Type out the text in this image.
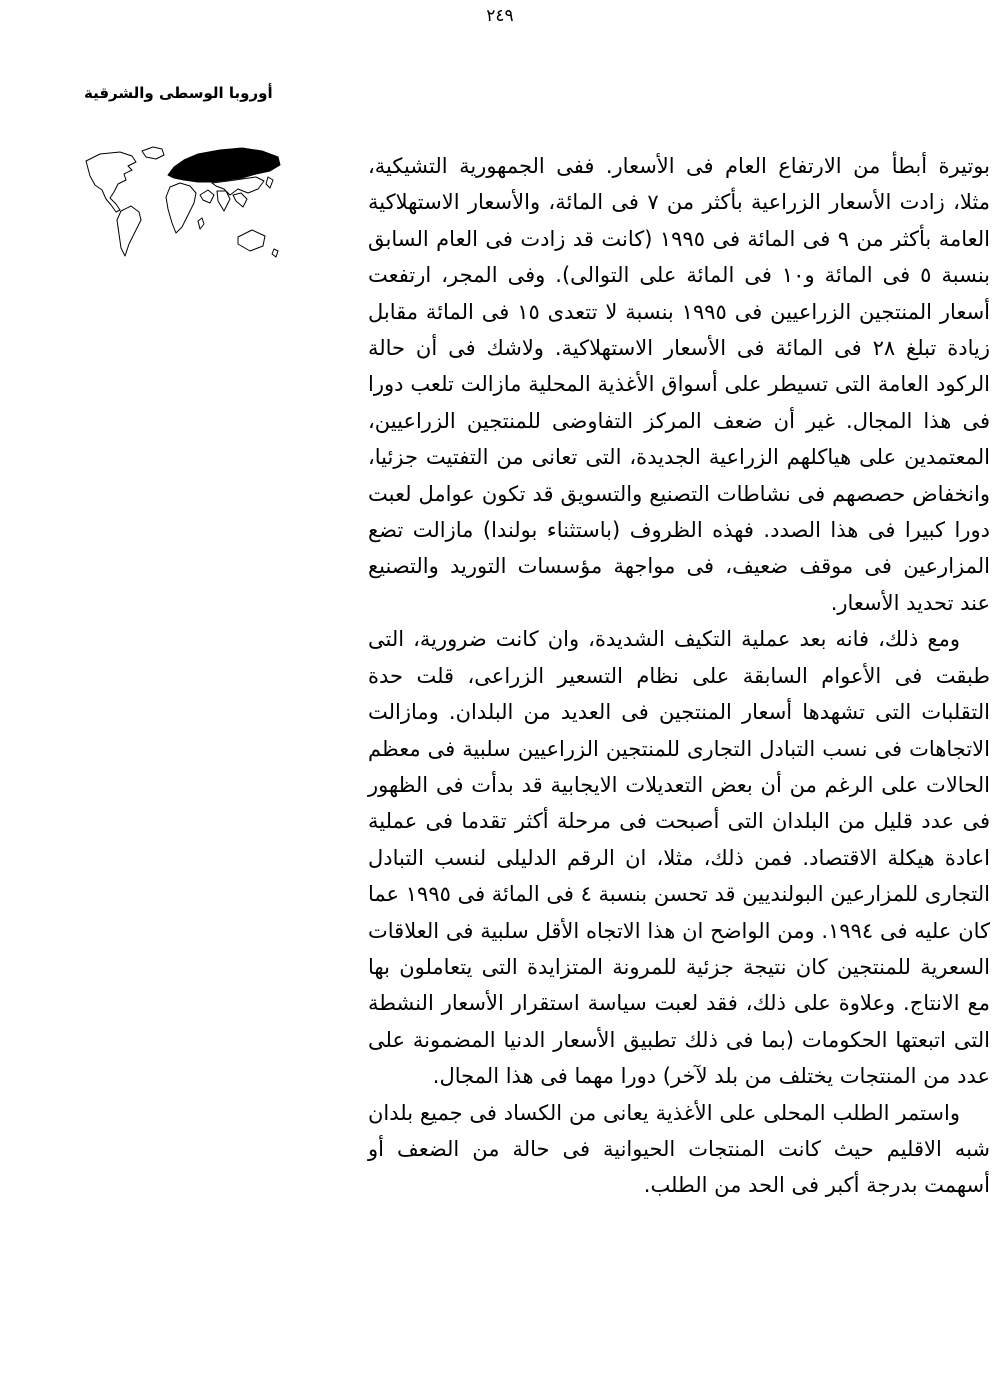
٢٤٩
أوروبا الوسطى والشرقية

بوتيرة أبطأ من الارتفاع العام فى الأسعار. ففى الجمهورية التشيكية، مثلا، زادت الأسعار الزراعية بأكثر من ٧ فى المائة، والأسعار الاستهلاكية العامة بأكثر من ٩ فى المائة فى ١٩٩٥ (كانت قد زادت فى العام السابق بنسبة ٥ فى المائة و١٠ فى المائة على التوالى). وفى المجر، ارتفعت أسعار المنتجين الزراعيين فى ١٩٩٥ بنسبة لا تتعدى ١٥ فى المائة مقابل زيادة تبلغ ٢٨ فى المائة فى الأسعار الاستهلاكية. ولاشك فى أن حالة الركود العامة التى تسيطر على أسواق الأغذية المحلية مازالت تلعب دورا فى هذا المجال. غير أن ضعف المركز التفاوضى للمنتجين الزراعيين، المعتمدين على هياكلهم الزراعية الجديدة، التى تعانى من التفتيت جزئيا، وانخفاض حصصهم فى نشاطات التصنيع والتسويق قد تكون عوامل لعبت دورا كبيرا فى هذا الصدد. فهذه الظروف (باستثناء بولندا) مازالت تضع المزارعين فى موقف ضعيف، فى مواجهة مؤسسات التوريد والتصنيع عند تحديد الأسعار.

ومع ذلك، فانه بعد عملية التكيف الشديدة، وان كانت ضرورية، التى طبقت فى الأعوام السابقة على نظام التسعير الزراعى، قلت حدة التقلبات التى تشهدها أسعار المنتجين فى العديد من البلدان. ومازالت الاتجاهات فى نسب التبادل التجارى للمنتجين الزراعيين سلبية فى معظم الحالات على الرغم من أن بعض التعديلات الايجابية قد بدأت فى الظهور فى عدد قليل من البلدان التى أصبحت فى مرحلة أكثر تقدما فى عملية اعادة هيكلة الاقتصاد. فمن ذلك، مثلا، ان الرقم الدليلى لنسب التبادل التجارى للمزارعين البولنديين قد تحسن بنسبة ٤ فى المائة فى ١٩٩٥ عما كان عليه فى ١٩٩٤. ومن الواضح ان هذا الاتجاه الأقل سلبية فى العلاقات السعرية للمنتجين كان نتيجة جزئية للمرونة المتزايدة التى يتعاملون بها مع الانتاج. وعلاوة على ذلك، فقد لعبت سياسة استقرار الأسعار النشطة التى اتبعتها الحكومات (بما فى ذلك تطبيق الأسعار الدنيا المضمونة على عدد من المنتجات يختلف من بلد لآخر) دورا مهما فى هذا المجال.

واستمر الطلب المحلى على الأغذية يعانى من الكساد فى جميع بلدان شبه الاقليم حيث كانت المنتجات الحيوانية فى حالة من الضعف أو أسهمت بدرجة أكبر فى الحد من الطلب.
